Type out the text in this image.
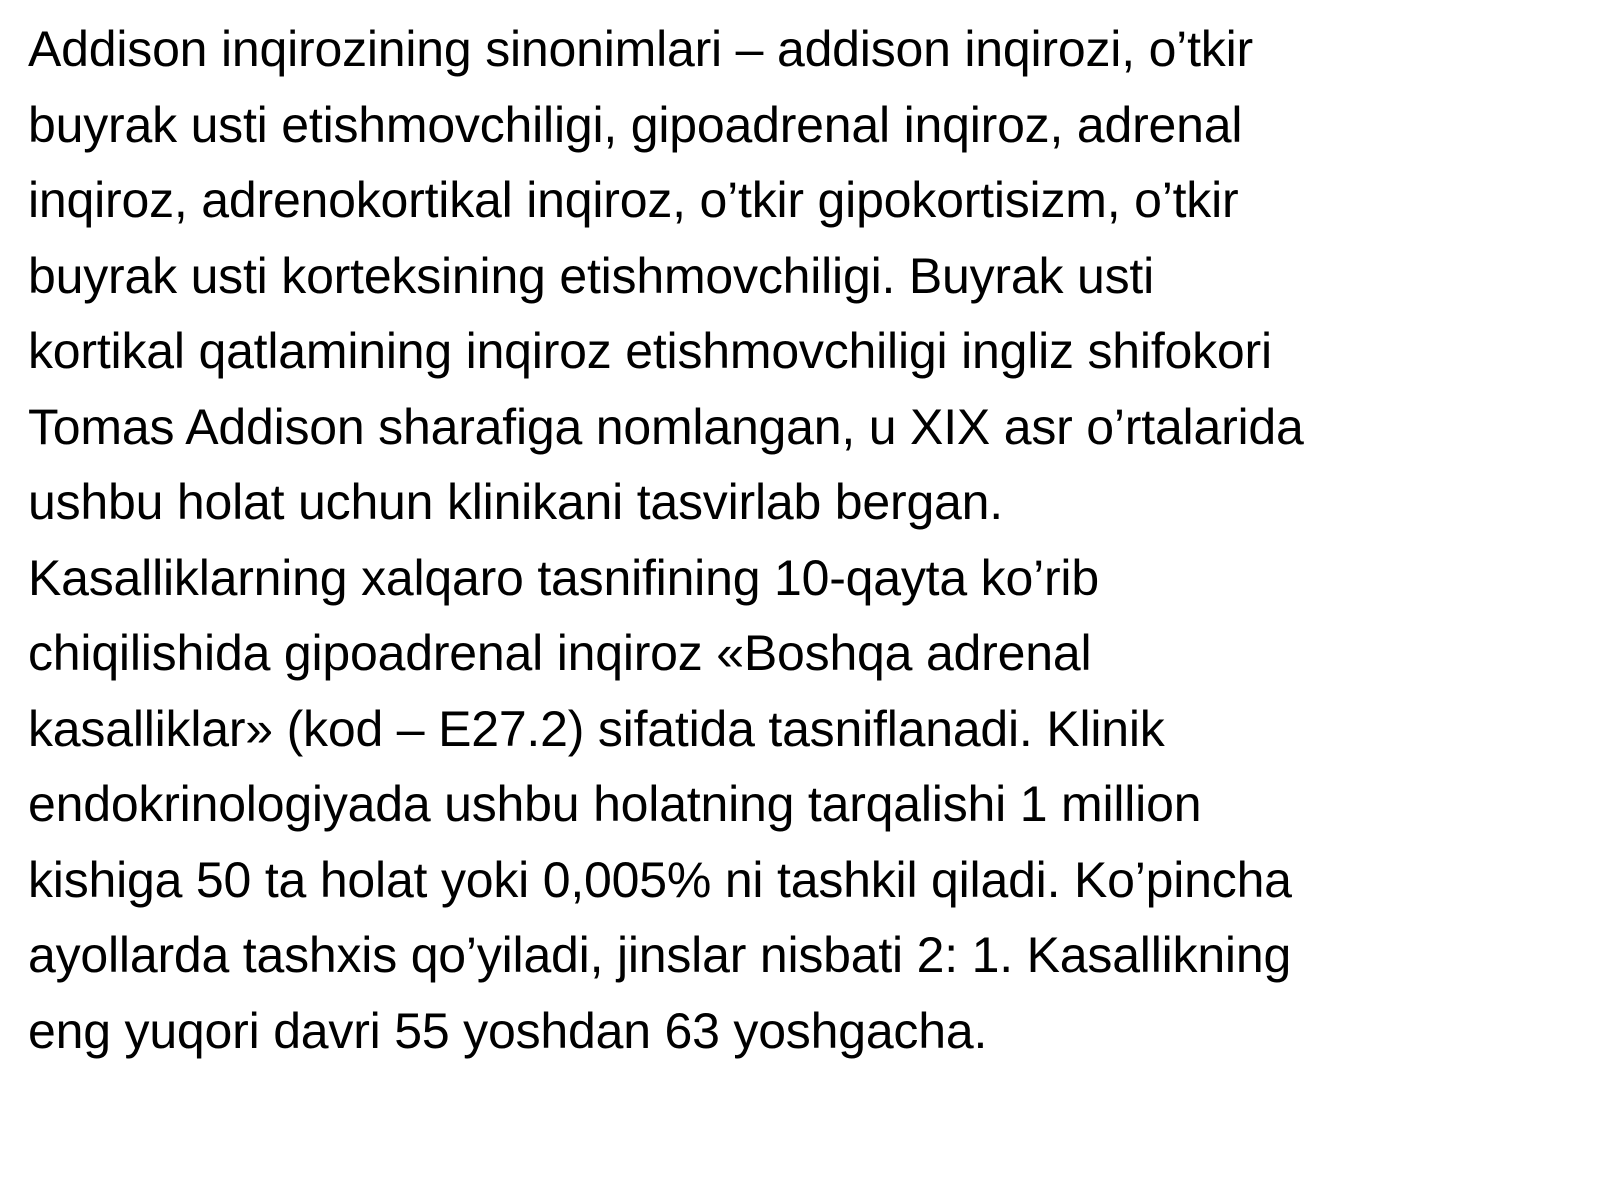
Addison inqirozining sinonimlari – addison inqirozi, o’tkir
buyrak usti etishmovchiligi, gipoadrenal inqiroz, adrenal
inqiroz, adrenokortikal inqiroz, o’tkir gipokortisizm, o’tkir
buyrak usti korteksining etishmovchiligi. Buyrak usti
kortikal qatlamining inqiroz etishmovchiligi ingliz shifokori
Tomas Addison sharafiga nomlangan, u XIX asr o’rtalarida
ushbu holat uchun klinikani tasvirlab bergan.
Kasalliklarning xalqaro tasnifining 10-qayta ko’rib
chiqilishida gipoadrenal inqiroz «Boshqa adrenal
kasalliklar» (kod – E27.2) sifatida tasniflanadi. Klinik
endokrinologiyada ushbu holatning tarqalishi 1 million
kishiga 50 ta holat yoki 0,005% ni tashkil qiladi. Ko’pincha
ayollarda tashxis qo’yiladi, jinslar nisbati 2: 1. Kasallikning
eng yuqori davri 55 yoshdan 63 yoshgacha.
